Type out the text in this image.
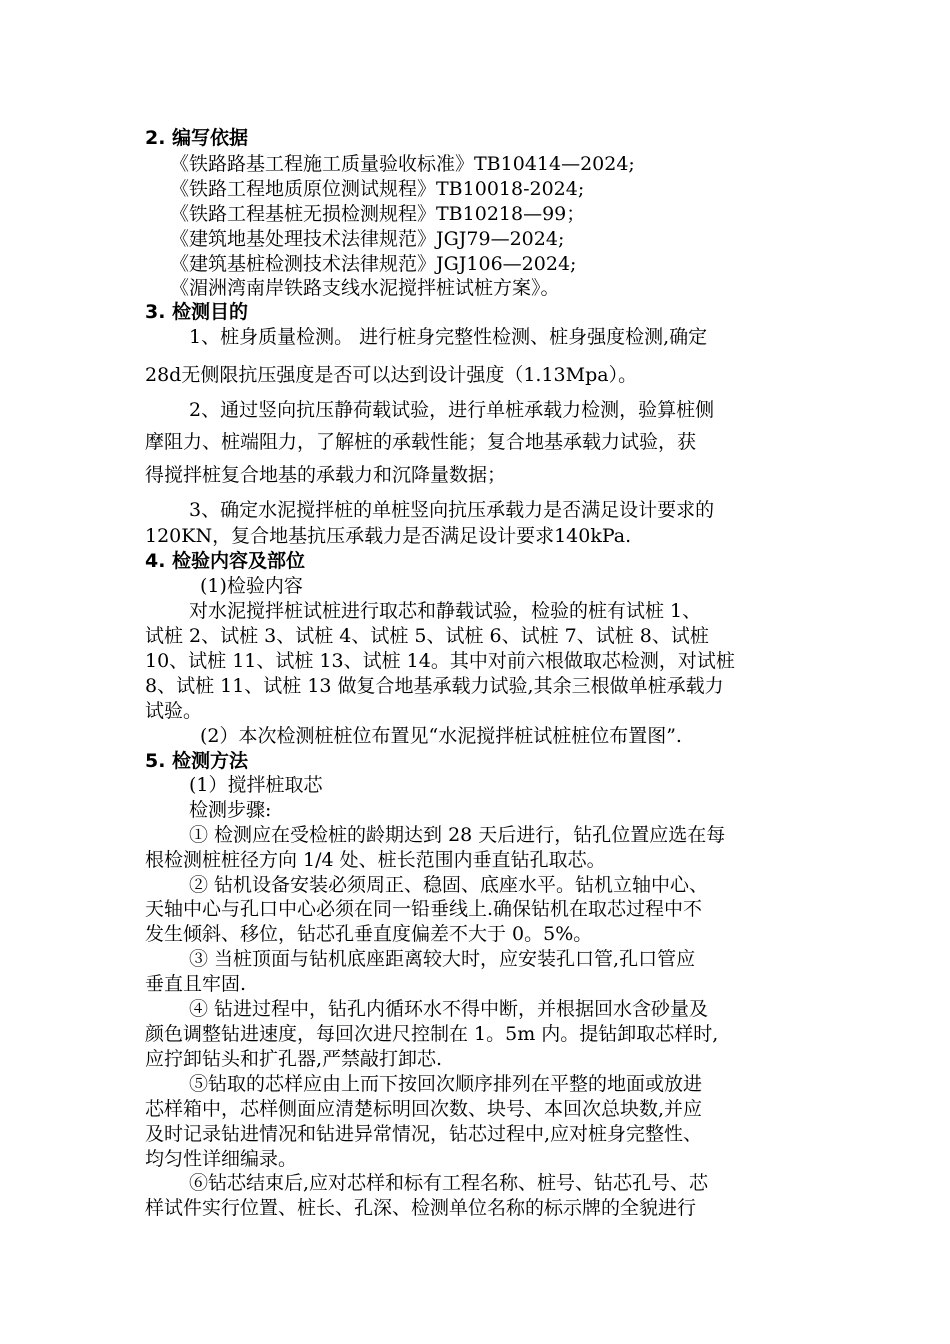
2. 编写依据
《铁路路基工程施工质量验收标准》TB10414—2024;
《铁路工程地质原位测试规程》TB10018-2024;
《铁路工程基桩无损检测规程》TB10218—99；
《建筑地基处理技术法律规范》JGJ79—2024;
《建筑基桩检测技术法律规范》JGJ106—2024;
《湄洲湾南岸铁路支线水泥搅拌桩试桩方案》。
3. 检测目的
1、桩身质量检测。 进行桩身完整性检测、桩身强度检测,确定
28d无侧限抗压强度是否可以达到设计强度（1.13Mpa）。
2、通过竖向抗压静荷载试验，进行单桩承载力检测，验算桩侧
摩阻力、桩端阻力，了解桩的承载性能；复合地基承载力试验，获
得搅拌桩复合地基的承载力和沉降量数据；
3、确定水泥搅拌桩的单桩竖向抗压承载力是否满足设计要求的
120KN，复合地基抗压承载力是否满足设计要求140kPa.
4. 检验内容及部位
(1)检验内容
对水泥搅拌桩试桩进行取芯和静载试验，检验的桩有试桩 1、
试桩 2、试桩 3、试桩 4、试桩 5、试桩 6、试桩 7、试桩 8、试桩
10、试桩 11、试桩 13、试桩 14。其中对前六根做取芯检测，对试桩
8、试桩 11、试桩 13 做复合地基承载力试验,其余三根做单桩承载力
试验。
(2）本次检测桩桩位布置见“水泥搅拌桩试桩桩位布置图”.
5. 检测方法
(1）搅拌桩取芯
检测步骤:
① 检测应在受检桩的龄期达到 28 天后进行，钻孔位置应选在每
根检测桩桩径方向 1/4 处、桩长范围内垂直钻孔取芯。
② 钻机设备安装必须周正、稳固、底座水平。钻机立轴中心、
天轴中心与孔口中心必须在同一铅垂线上.确保钻机在取芯过程中不
发生倾斜、移位，钻芯孔垂直度偏差不大于 0。5%。
③ 当桩顶面与钻机底座距离较大时，应安装孔口管,孔口管应
垂直且牢固.
④ 钻进过程中，钻孔内循环水不得中断，并根据回水含砂量及
颜色调整钻进速度，每回次进尺控制在 1。5m 内。提钻卸取芯样时,
应拧卸钻头和扩孔器,严禁敲打卸芯.
⑤钻取的芯样应由上而下按回次顺序排列在平整的地面或放进
芯样箱中，芯样侧面应清楚标明回次数、块号、本回次总块数,并应
及时记录钻进情况和钻进异常情况，钻芯过程中,应对桩身完整性、
均匀性详细编录。
⑥钻芯结束后,应对芯样和标有工程名称、桩号、钻芯孔号、芯
样试件实行位置、桩长、孔深、检测单位名称的标示牌的全貌进行
